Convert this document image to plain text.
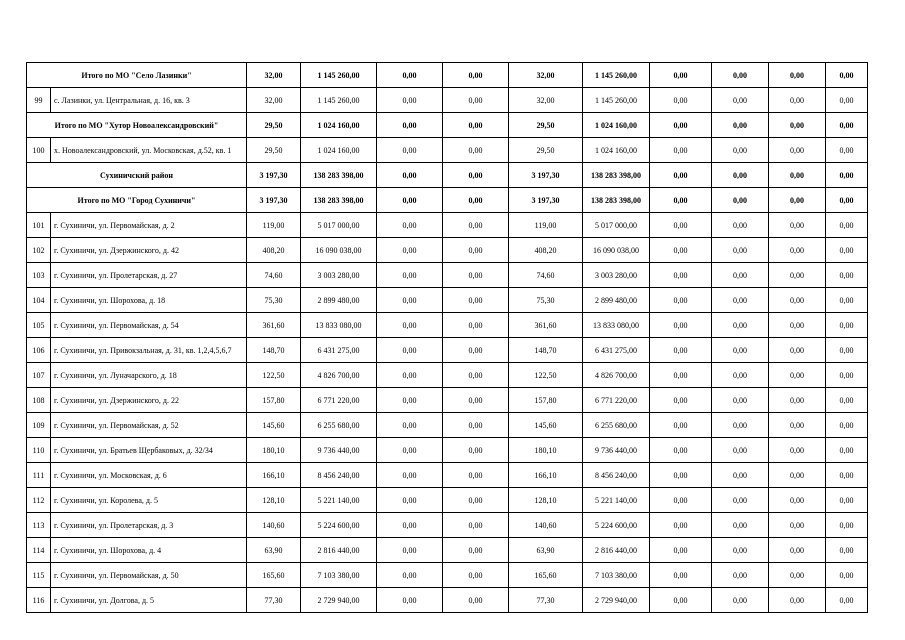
Итого по МО "Село Лазинки"		32,00	1 145 260,00	0,00	0,00	32,00	1 145 260,00	0,00	0,00	0,00	0,00
99	с. Лазинки, ул. Центральная, д. 16, кв. 3	32,00	1 145 260,00	0,00	0,00	32,00	1 145 260,00	0,00	0,00	0,00	0,00
Итого по МО "Хутор Новоалександровский"		29,50	1 024 160,00	0,00	0,00	29,50	1 024 160,00	0,00	0,00	0,00	0,00
100	х. Новоалександровский, ул. Московская, д.52, кв. 1	29,50	1 024 160,00	0,00	0,00	29,50	1 024 160,00	0,00	0,00	0,00	0,00
Сухиничский район		3 197,30	138 283 398,00	0,00	0,00	3 197,30	138 283 398,00	0,00	0,00	0,00	0,00
Итого по МО "Город Сухиничи"		3 197,30	138 283 398,00	0,00	0,00	3 197,30	138 283 398,00	0,00	0,00	0,00	0,00
101	г. Сухиничи, ул. Первомайская, д. 2	119,00	5 017 000,00	0,00	0,00	119,00	5 017 000,00	0,00	0,00	0,00	0,00
102	г. Сухиничи, ул. Дзержинского, д. 42	408,20	16 090 038,00	0,00	0,00	408,20	16 090 038,00	0,00	0,00	0,00	0,00
103	г. Сухиничи, ул. Пролетарская, д. 27	74,60	3 003 280,00	0,00	0,00	74,60	3 003 280,00	0,00	0,00	0,00	0,00
104	г. Сухиничи, ул. Шорохова, д. 18	75,30	2 899 480,00	0,00	0,00	75,30	2 899 480,00	0,00	0,00	0,00	0,00
105	г. Сухиничи, ул. Первомайская, д. 54	361,60	13 833 080,00	0,00	0,00	361,60	13 833 080,00	0,00	0,00	0,00	0,00
106	г. Сухиничи, ул. Привокзальная, д. 31, кв. 1,2,4,5,6,7	148,70	6 431 275,00	0,00	0,00	148,70	6 431 275,00	0,00	0,00	0,00	0,00
107	г. Сухиничи, ул. Луначарского, д. 18	122,50	4 826 700,00	0,00	0,00	122,50	4 826 700,00	0,00	0,00	0,00	0,00
108	г. Сухиничи, ул. Дзержинского, д. 22	157,80	6 771 220,00	0,00	0,00	157,80	6 771 220,00	0,00	0,00	0,00	0,00
109	г. Сухиничи, ул. Первомайская, д. 52	145,60	6 255 680,00	0,00	0,00	145,60	6 255 680,00	0,00	0,00	0,00	0,00
110	г. Сухиничи, ул. Братьев Щербаковых, д. 32/34	180,10	9 736 440,00	0,00	0,00	180,10	9 736 440,00	0,00	0,00	0,00	0,00
111	г. Сухиничи, ул. Московская, д. 6	166,10	8 456 240,00	0,00	0,00	166,10	8 456 240,00	0,00	0,00	0,00	0,00
112	г. Сухиничи, ул. Королева, д. 5	128,10	5 221 140,00	0,00	0,00	128,10	5 221 140,00	0,00	0,00	0,00	0,00
113	г. Сухиничи, ул. Пролетарская, д. 3	140,60	5 224 600,00	0,00	0,00	140,60	5 224 600,00	0,00	0,00	0,00	0,00
114	г. Сухиничи, ул. Шорохова, д. 4	63,90	2 816 440,00	0,00	0,00	63,90	2 816 440,00	0,00	0,00	0,00	0,00
115	г. Сухиничи, ул. Первомайская, д. 50	165,60	7 103 380,00	0,00	0,00	165,60	7 103 380,00	0,00	0,00	0,00	0,00
116	г. Сухиничи, ул. Долгова, д. 5	77,30	2 729 940,00	0,00	0,00	77,30	2 729 940,00	0,00	0,00	0,00	0,00
